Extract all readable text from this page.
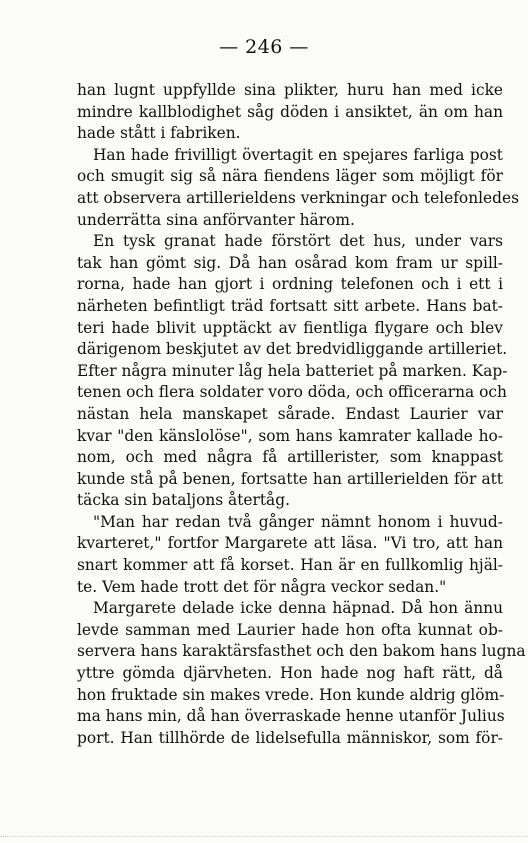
— 246 —
han lugnt uppfyllde sina plikter, huru han med icke
mindre kallblodighet såg döden i ansiktet, än om han
hade stått i fabriken.
Han hade frivilligt övertagit en spejares farliga post
och smugit sig så nära fiendens läger som möjligt för
att observera artillerieldens verkningar och telefonledes
underrätta sina anförvanter härom.
En tysk granat hade förstört det hus, under vars
tak han gömt sig. Då han osårad kom fram ur spill-
rorna, hade han gjort i ordning telefonen och i ett i
närheten befintligt träd fortsatt sitt arbete. Hans bat-
teri hade blivit upptäckt av fientliga flygare och blev
därigenom beskjutet av det bredvidliggande artilleriet.
Efter några minuter låg hela batteriet på marken. Kap-
tenen och flera soldater voro döda, och officerarna och
nästan hela manskapet sårade. Endast Laurier var
kvar "den känslolöse", som hans kamrater kallade ho-
nom, och med några få artillerister, som knappast
kunde stå på benen, fortsatte han artillerielden för att
täcka sin bataljons återtåg.
"Man har redan två gånger nämnt honom i huvud-
kvarteret," fortfor Margarete att läsa. "Vi tro, att han
snart kommer att få korset. Han är en fullkomlig hjäl-
te. Vem hade trott det för några veckor sedan."
Margarete delade icke denna häpnad. Då hon ännu
levde samman med Laurier hade hon ofta kunnat ob-
servera hans karaktärsfasthet och den bakom hans lugna
yttre gömda djärvheten. Hon hade nog haft rätt, då
hon fruktade sin makes vrede. Hon kunde aldrig glöm-
ma hans min, då han överraskade henne utanför Julius
port. Han tillhörde de lidelsefulla människor, som för-
